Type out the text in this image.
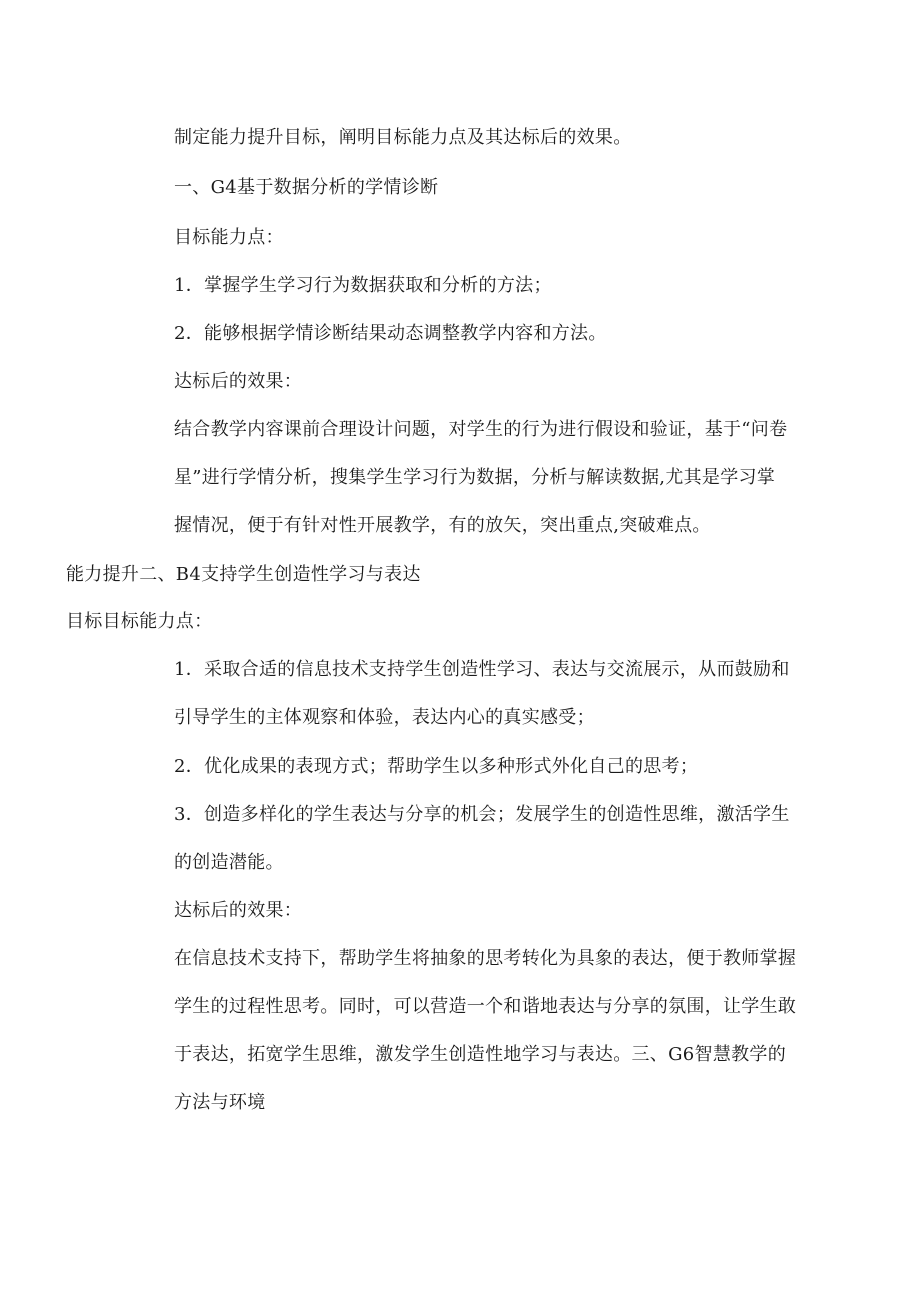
制定能力提升目标，阐明目标能力点及其达标后的效果。
一、G4基于数据分析的学情诊断
目标能力点：
1．掌握学生学习行为数据获取和分析的方法；
2．能够根据学情诊断结果动态调整教学内容和方法。
达标后的效果：
结合教学内容课前合理设计问题，对学生的行为进行假设和验证，基于“问卷
星”进行学情分析，搜集学生学习行为数据，分析与解读数据,尤其是学习掌
握情况，便于有针对性开展教学，有的放矢，突出重点,突破难点。
能力提升二、B4支持学生创造性学习与表达
目标目标能力点：
1．采取合适的信息技术支持学生创造性学习、表达与交流展示，从而鼓励和
引导学生的主体观察和体验，表达内心的真实感受；
2．优化成果的表现方式；帮助学生以多种形式外化自己的思考；
3．创造多样化的学生表达与分享的机会；发展学生的创造性思维，激活学生
的创造潜能。
达标后的效果：
在信息技术支持下，帮助学生将抽象的思考转化为具象的表达，便于教师掌握
学生的过程性思考。同时，可以营造一个和谐地表达与分享的氛围，让学生敢
于表达，拓宽学生思维，激发学生创造性地学习与表达。三、G6智慧教学的
方法与环境
